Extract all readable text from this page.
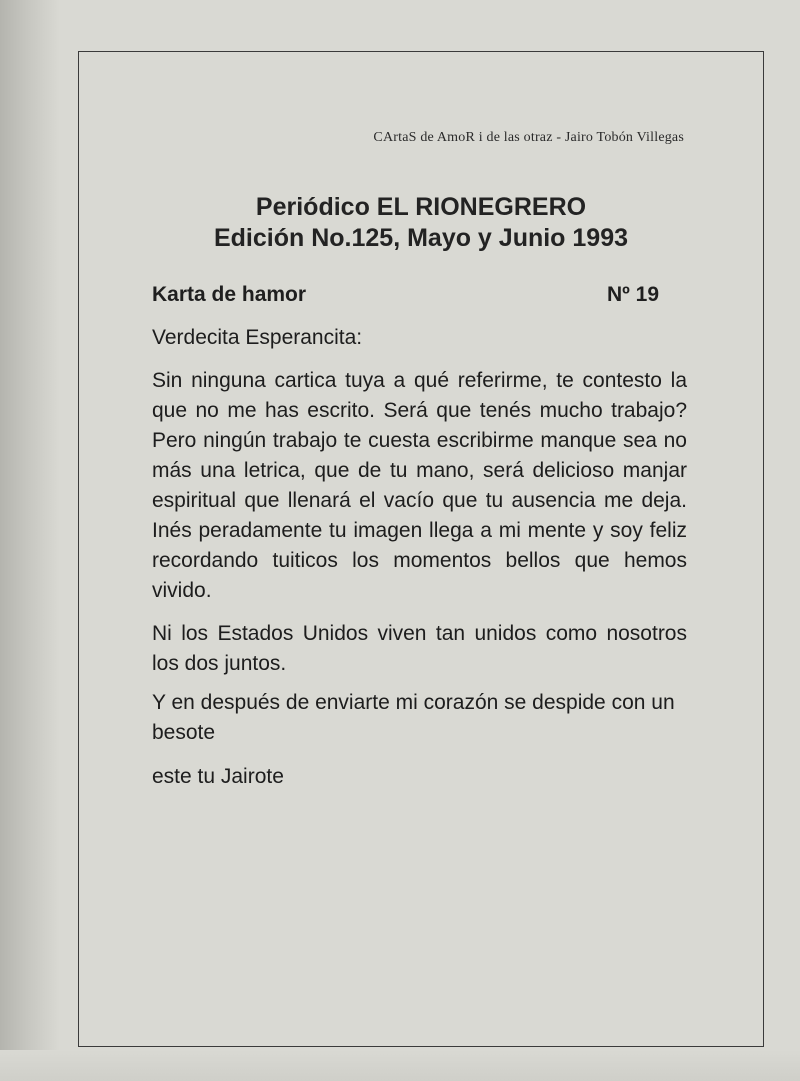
CArtaS de AmoR i de las otraz - Jairo Tobón Villegas
Periódico EL RIONEGRERO
Edición No.125, Mayo y Junio 1993
Karta de hamor	Nº 19
Verdecita Esperancita:

Sin ninguna cartica tuya a qué referirme, te contesto la que no me has escrito. Será que tenés mucho trabajo? Pero ningún trabajo te cuesta escribirme manque sea no más una letrica, que de tu mano, será delicioso manjar espiritual que llenará el vacío que tu ausencia me deja. Inés peradamente tu imagen llega a mi mente y soy feliz recordando tuiticos los momentos bellos que hemos vivido.

Ni los Estados Unidos viven tan unidos como nosotros los dos juntos.

Y en después de enviarte mi corazón se despide con un besote

este tu Jairote
